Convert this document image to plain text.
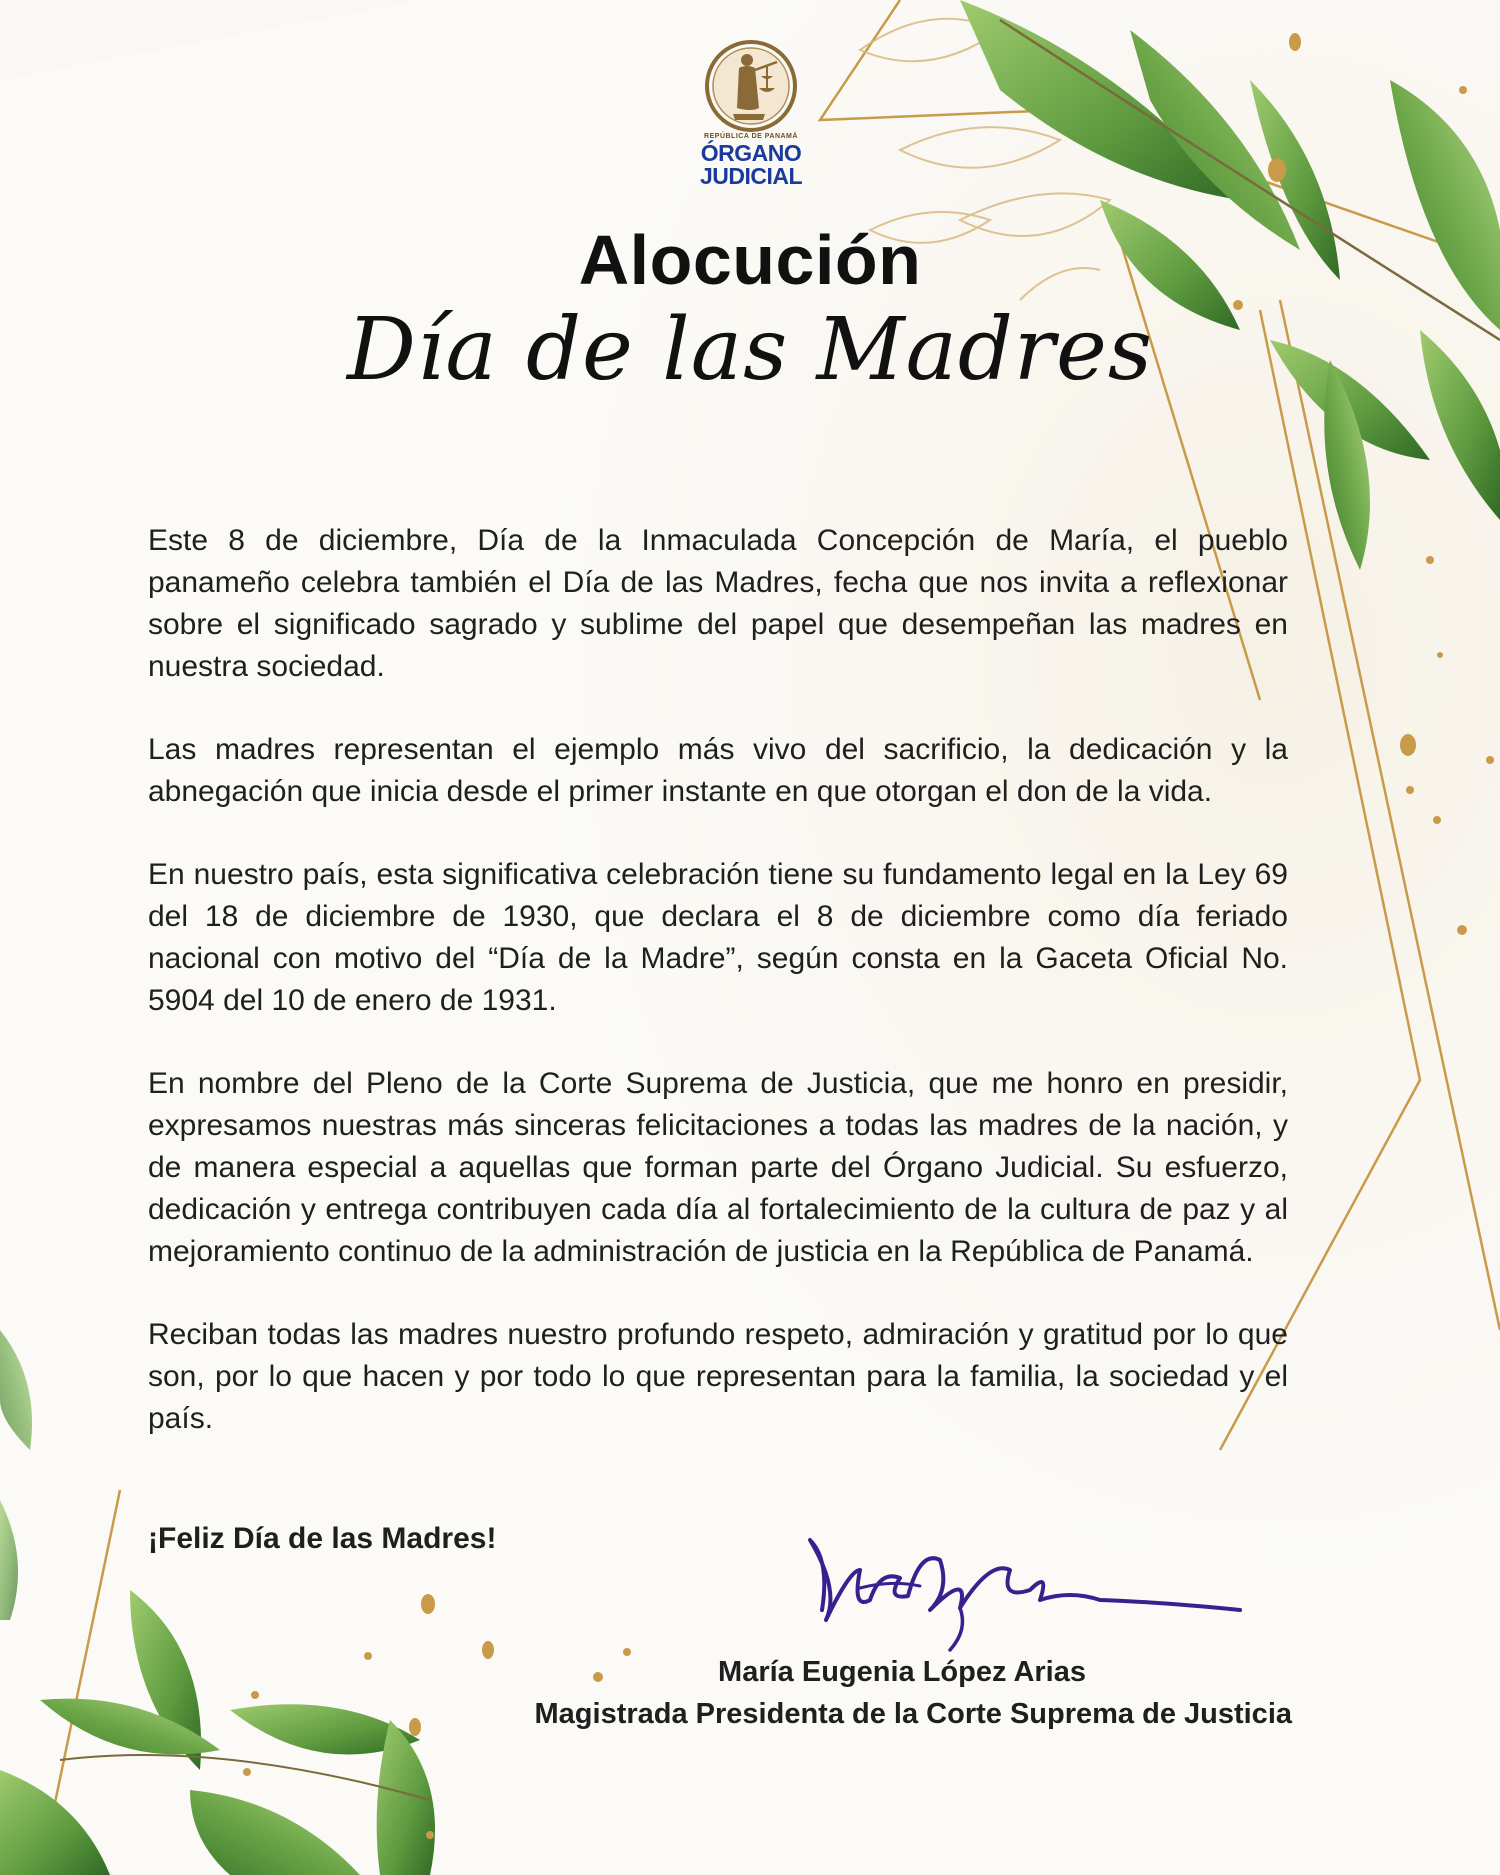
REPÚBLICA DE PANAMÁ
ÓRGANO
JUDICIAL
Alocución
Día de las Madres

Este 8 de diciembre, Día de la Inmaculada Concepción de María, el pueblo panameño celebra también el Día de las Madres, fecha que nos invita a reflexionar sobre el significado sagrado y sublime del papel que desempeñan las madres en nuestra sociedad.

Las madres representan el ejemplo más vivo del sacrificio, la dedicación y la abnegación que inicia desde el primer instante en que otorgan el don de la vida.

En nuestro país, esta significativa celebración tiene su fundamento legal en la Ley 69 del 18 de diciembre de 1930, que declara el 8 de diciembre como día feriado nacional con motivo del “Día de la Madre”, según consta en la Gaceta Oficial No. 5904 del 10 de enero de 1931.

En nombre del Pleno de la Corte Suprema de Justicia, que me honro en presidir, expresamos nuestras más sinceras felicitaciones a todas las madres de la nación, y de manera especial a aquellas que forman parte del Órgano Judicial. Su esfuerzo, dedicación y entrega contribuyen cada día al fortalecimiento de la cultura de paz y al mejoramiento continuo de la administración de justicia en la República de Panamá.

Reciban todas las madres nuestro profundo respeto, admiración y gratitud por lo que son, por lo que hacen y por todo lo que representan para la familia, la sociedad y el país.

¡Feliz Día de las Madres!
María Eugenia López Arias
Magistrada Presidenta de la Corte Suprema de Justicia
